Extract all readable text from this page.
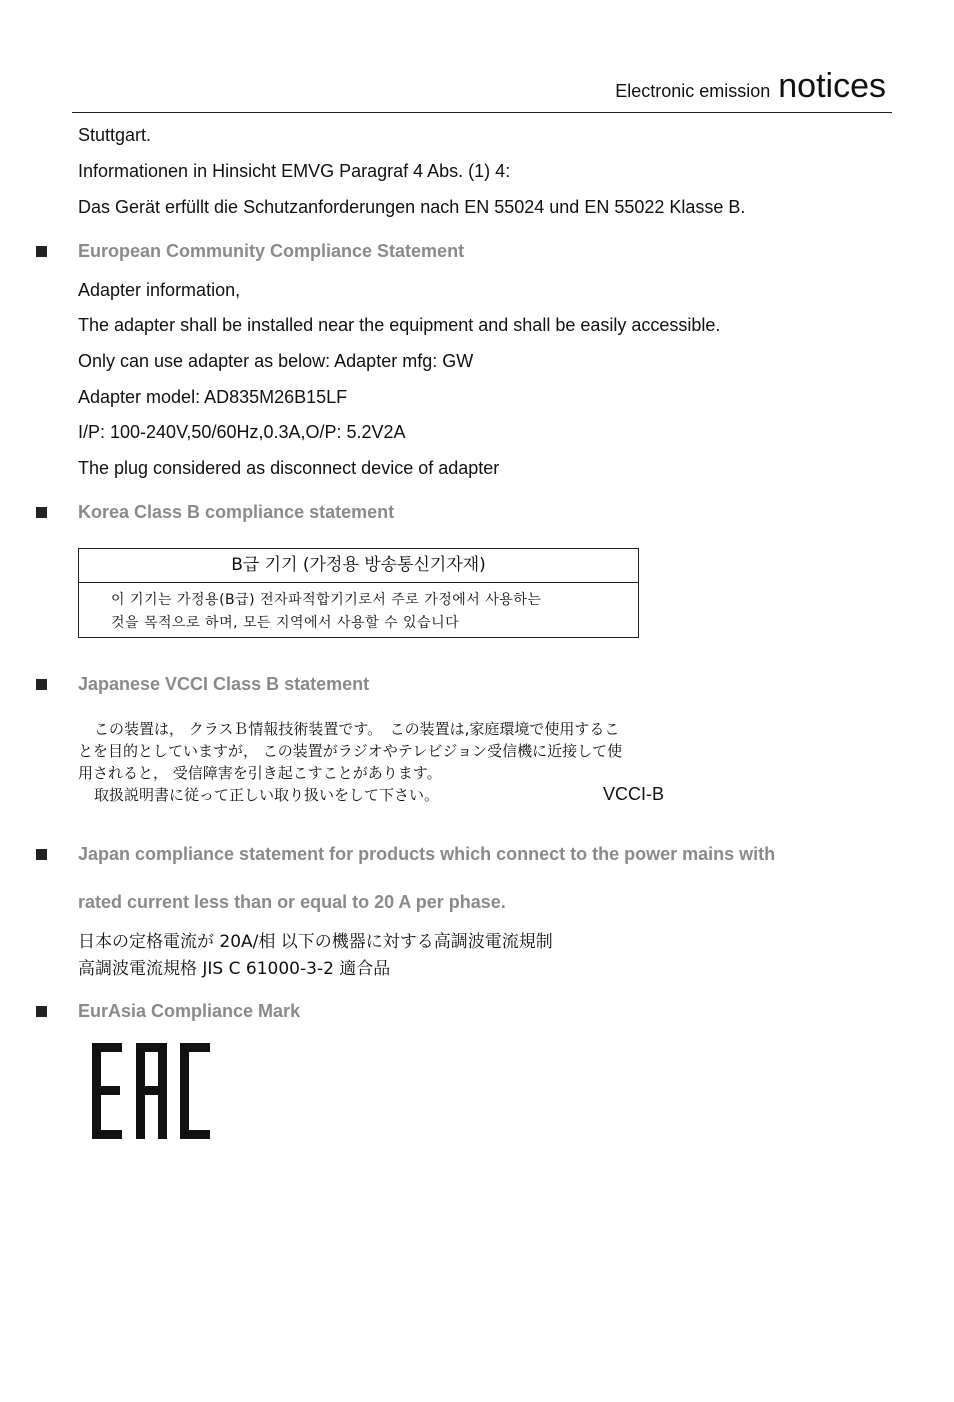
Electronic emission notices
Stuttgart.
Informationen in Hinsicht EMVG Paragraf 4 Abs. (1) 4:
Das Gerät erfüllt die Schutzanforderungen nach EN 55024 und EN 55022 Klasse B.
European Community Compliance Statement
Adapter information,
The adapter shall be installed near the equipment and shall be easily accessible.
Only can use adapter as below: Adapter mfg: GW
Adapter model: AD835M26B15LF
I/P: 100-240V,50/60Hz,0.3A,O/P: 5.2V2A
The plug considered as disconnect device of adapter
Korea Class B compliance statement
B급 기기 (가정용 방송통신기자재)
이 기기는 가정용(B급) 전자파적합기기로서 주로 가정에서 사용하는
것을 목적으로 하며, 모든 지역에서 사용할 수 있습니다
Japanese VCCI Class B statement
この装置は， クラスＢ情報技術装置です。　この装置は,家庭環境で使用するこ
とを目的としていますが， この装置がラジオやテレビジョン受信機に近接して使
用されると， 受信障害を引き起こすことがあります。
取扱説明書に従って正しい取り扱いをして下さい。	VCCI-B
Japan compliance statement for products which connect to the power mains with
rated current less than or equal to 20 A per phase.
日本の定格電流が 20A/相 以下の機器に対する高調波電流規制
高調波電流規格 JIS C 61000-3-2 適合品
EurAsia Compliance Mark
